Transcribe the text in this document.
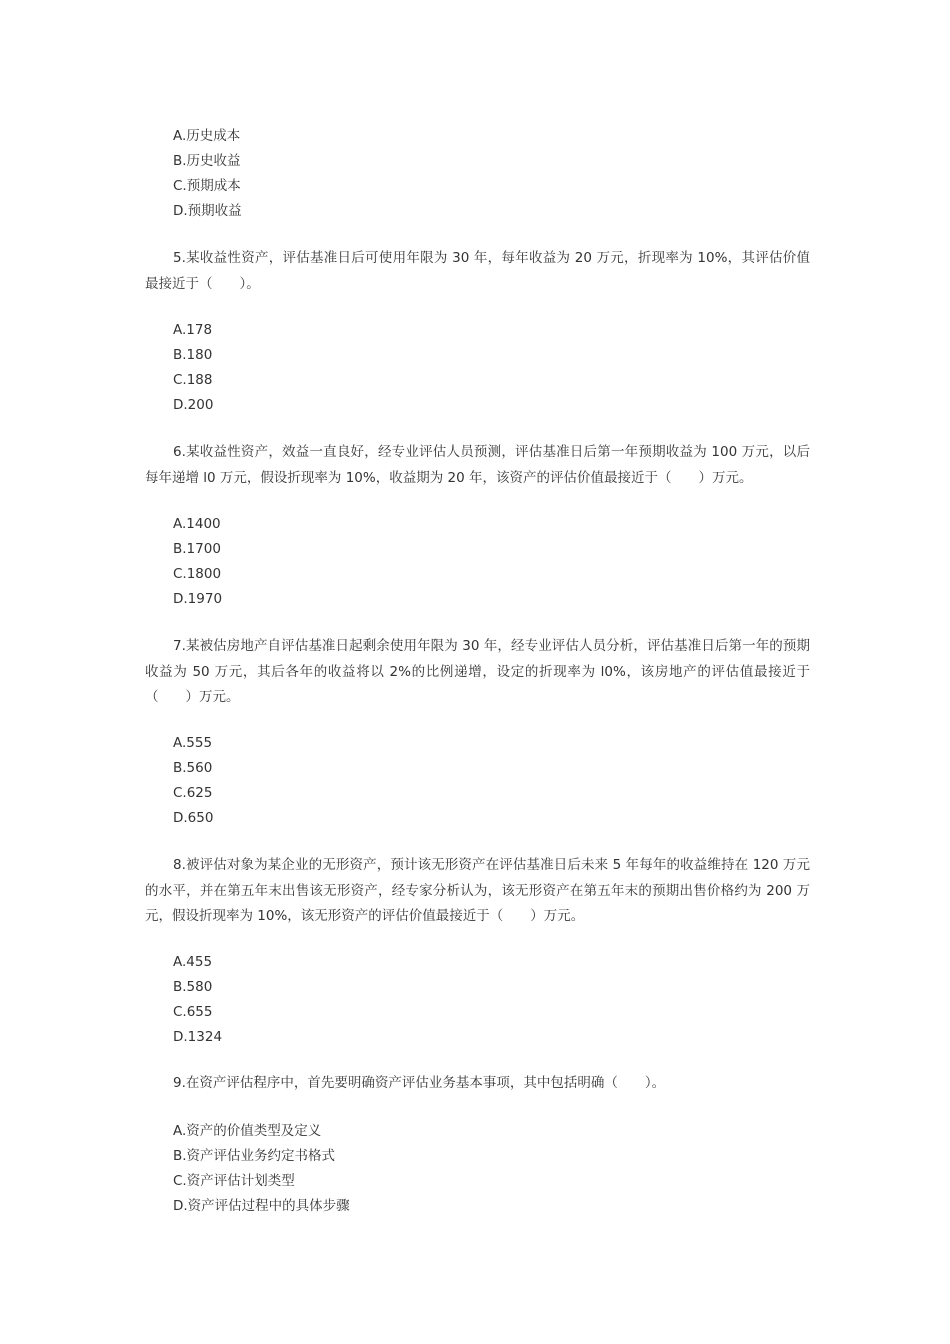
A.历史成本
B.历史收益
C.预期成本
D.预期收益

5.某收益性资产，评估基准日后可使用年限为 30 年，每年收益为 20 万元，折现率为 10%，其评估价值最接近于（　　）。

A.178
B.180
C.188
D.200

6.某收益性资产，效益一直良好，经专业评估人员预测，评估基准日后第一年预期收益为 100 万元，以后每年递增 l0 万元，假设折现率为 10%，收益期为 20 年，该资产的评估价值最接近于（　　）万元。

A.1400
B.1700
C.1800
D.1970

7.某被估房地产自评估基准日起剩余使用年限为 30 年，经专业评估人员分析，评估基准日后第一年的预期收益为 50 万元，其后各年的收益将以 2%的比例递增，设定的折现率为 l0%，该房地产的评估值最接近于（　　）万元。

A.555
B.560
C.625
D.650

8.被评估对象为某企业的无形资产，预计该无形资产在评估基准日后未来 5 年每年的收益维持在 120 万元的水平，并在第五年末出售该无形资产，经专家分析认为，该无形资产在第五年末的预期出售价格约为 200 万元，假设折现率为 10%，该无形资产的评估价值最接近于（　　）万元。

A.455
B.580
C.655
D.1324

9.在资产评估程序中，首先要明确资产评估业务基本事项，其中包括明确（　　）。

A.资产的价值类型及定义
B.资产评估业务约定书格式
C.资产评估计划类型
D.资产评估过程中的具体步骤
